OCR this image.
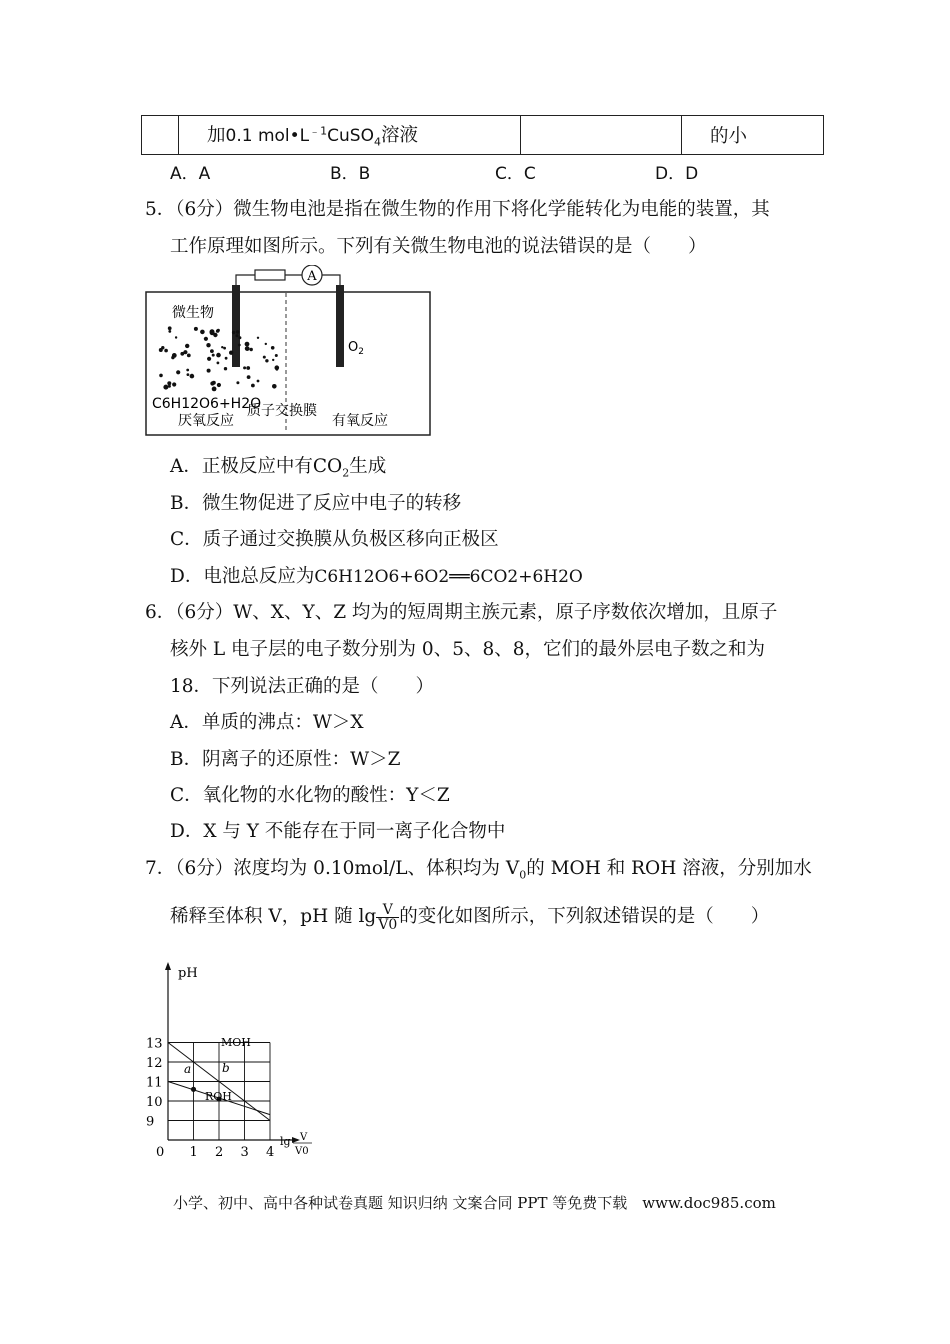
	加0.1 $mol•L^{﹣1}CuSO_4$溶液		的小
A．A	B．B	C．C	D．D
5．（6分）微生物电池是指在微生物的作用下将化学能转化为电能的装置，其
工作原理如图所示。下列有关微生物电池的说法错误的是（　　）
A
微生物
$O_2$
C6H12O6+H2O
厌氧反应
质子交换膜
有氧反应
A．正极反应中有$CO_2$生成
B．微生物促进了反应中电子的转移
C．质子通过交换膜从负极区移向正极区
D．电池总反应为C6H12O6+6O2══6CO2+6H2O
6．（6分）W、X、Y、Z 均为的短周期主族元素，原子序数依次增加，且原子
核外 L 电子层的电子数分别为 0、5、8、8，它们的最外层电子数之和为
18．下列说法正确的是（　　）
A．单质的沸点：W＞X
B．阴离子的还原性：W＞Z
C．氧化物的水化物的酸性：Y＜Z
D．X 与 Y 不能存在于同一离子化合物中
7．（6分）浓度均为 0.10mol/L、体积均为 $V_0$的 MOH 和 ROH 溶液，分别加水
稀释至体积 V，pH 随 $\lg \frac{V}{V0}$ 的变化如图所示，下列叙述错误的是（　　）
pH
9
10
11
12
13
0 1 2 3 4
lg V
V0
MOH
ROH
a	b
小学、初中、高中各种试卷真题 知识归纳 文案合同 PPT 等免费下载　www.doc985.com
